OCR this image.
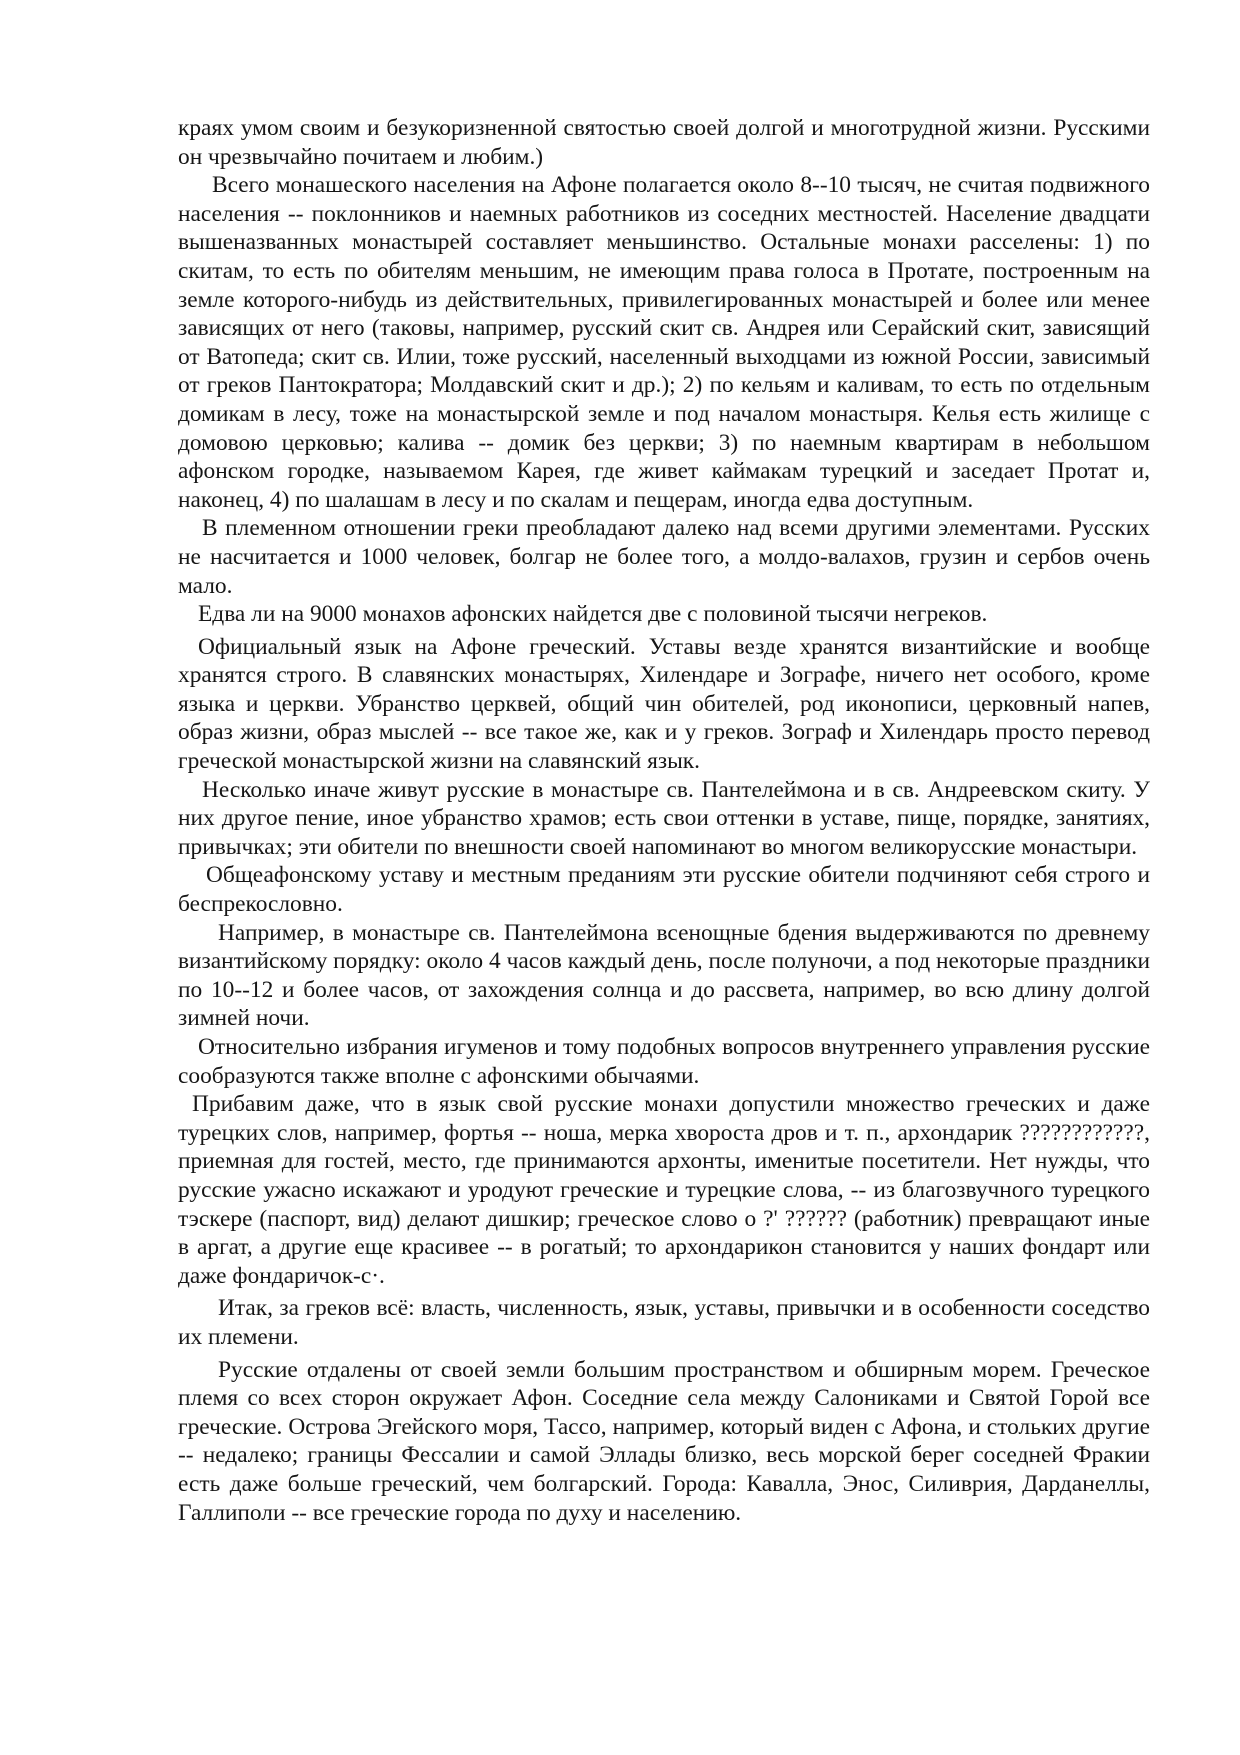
краях умом своим и безукоризненной святостью своей долгой и многотрудной жизни. Русскими он чрезвычайно почитаем и любим.)

Всего монашеского населения на Афоне полагается около 8--10 тысяч, не считая подвижного населения -- поклонников и наемных работников из соседних местностей. Население двадцати вышеназванных монастырей составляет меньшинство. Остальные монахи расселены: 1) по скитам, то есть по обителям меньшим, не имеющим права голоса в Протате, построенным на земле которого-нибудь из действительных, привилегированных монастырей и более или менее зависящих от него (таковы, например, русский скит св. Андрея или Серайский скит, зависящий от Ватопеда; скит св. Илии, тоже русский, населенный выходцами из южной России, зависимый от греков Пантократора; Молдавский скит и др.); 2) по кельям и каливам, то есть по отдельным домикам в лесу, тоже на монастырской земле и под началом монастыря. Келья есть жилище с домовою церковью; калива -- домик без церкви; 3) по наемным квартирам в небольшом афонском городке, называемом Карея, где живет каймакам турецкий и заседает Протат и, наконец, 4) по шалашам в лесу и по скалам и пещерам, иногда едва доступным.

В племенном отношении греки преобладают далеко над всеми другими элементами. Русских не насчитается и 1000 человек, болгар не более того, а молдо-валахов, грузин и сербов очень мало.

Едва ли на 9000 монахов афонских найдется две с половиной тысячи негреков.

Официальный язык на Афоне греческий. Уставы везде хранятся византийские и вообще хранятся строго. В славянских монастырях, Хилендаре и Зографе, ничего нет особого, кроме языка и церкви. Убранство церквей, общий чин обителей, род иконописи, церковный напев, образ жизни, образ мыслей -- все такое же, как и у греков. Зограф и Хилендарь просто перевод греческой монастырской жизни на славянский язык.

Несколько иначе живут русские в монастыре св. Пантелеймона и в св. Андреевском скиту. У них другое пение, иное убранство храмов; есть свои оттенки в уставе, пище, порядке, занятиях, привычках; эти обители по внешности своей напоминают во многом великорусские монастыри.

Общеафонскому уставу и местным преданиям эти русские обители подчиняют себя строго и беспрекословно.

Например, в монастыре св. Пантелеймона всенощные бдения выдерживаются по древнему византийскому порядку: около 4 часов каждый день, после полуночи, а под некоторые праздники по 10--12 и более часов, от захождения солнца и до рассвета, например, во всю длину долгой зимней ночи.

Относительно избрания игуменов и тому подобных вопросов внутреннего управления русские сообразуются также вполне с афонскими обычаями.

Прибавим даже, что в язык свой русские монахи допустили множество греческих и даже турецких слов, например, фортья -- ноша, мерка хвороста дров и т. п., архондарик ????????????, приемная для гостей, место, где принимаются архонты, именитые посетители. Нет нужды, что русские ужасно искажают и уродуют греческие и турецкие слова, -- из благозвучного турецкого тэскере (паспорт, вид) делают дишкир; греческое слово о ?' ?????? (работник) превращают иные в аргат, а другие еще красивее -- в рогатый; то архондарикон становится у наших фондарт или даже фондаричок-с·.

Итак, за греков всё: власть, численность, язык, уставы, привычки и в особенности соседство их племени.

Русские отдалены от своей земли большим пространством и обширным морем. Греческое племя со всех сторон окружает Афон. Соседние села между Салониками и Святой Горой все греческие. Острова Эгейского моря, Тассо, например, который виден с Афона, и стольких другие -- недалеко; границы Фессалии и самой Эллады близко, весь морской берег соседней Фракии есть даже больше греческий, чем болгарский. Города: Кавалла, Энос, Силиврия, Дарданеллы, Галлиполи -- все греческие города по духу и населению.
